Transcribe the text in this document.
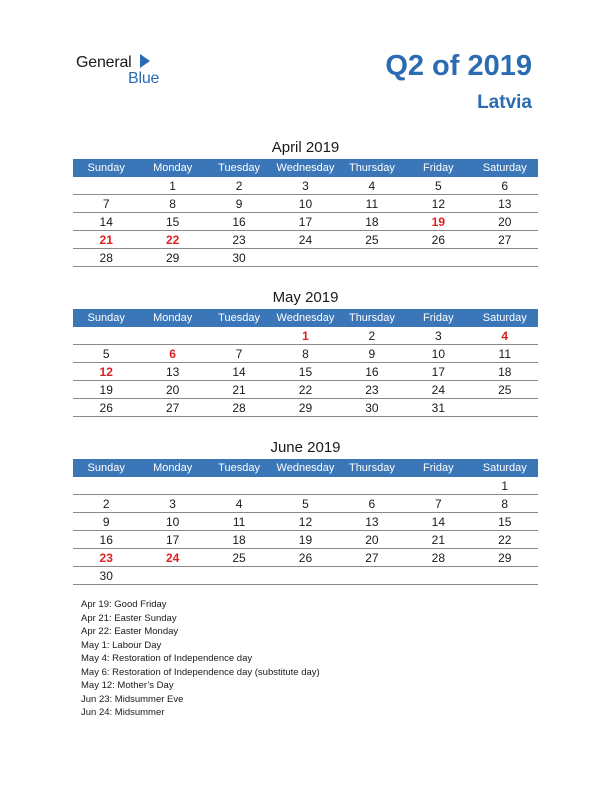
General
Blue	Q2 of 2019
Latvia
April 2019
Sunday	Monday	Tuesday	Wednesday	Thursday	Friday	Saturday
	1	2	3	4	5	6
7	8	9	10	11	12	13
14	15	16	17	18	19	20
21	22	23	24	25	26	27
28	29	30				
May 2019
Sunday	Monday	Tuesday	Wednesday	Thursday	Friday	Saturday
			1	2	3	4
5	6	7	8	9	10	11
12	13	14	15	16	17	18
19	20	21	22	23	24	25
26	27	28	29	30	31	
June 2019
Sunday	Monday	Tuesday	Wednesday	Thursday	Friday	Saturday
						1
2	3	4	5	6	7	8
9	10	11	12	13	14	15
16	17	18	19	20	21	22
23	24	25	26	27	28	29
30						
Apr 19: Good Friday
Apr 21: Easter Sunday
Apr 22: Easter Monday
May 1: Labour Day
May 4: Restoration of Independence day
May 6: Restoration of Independence day (substitute day)
May 12: Mother’s Day
Jun 23: Midsummer Eve
Jun 24: Midsummer
